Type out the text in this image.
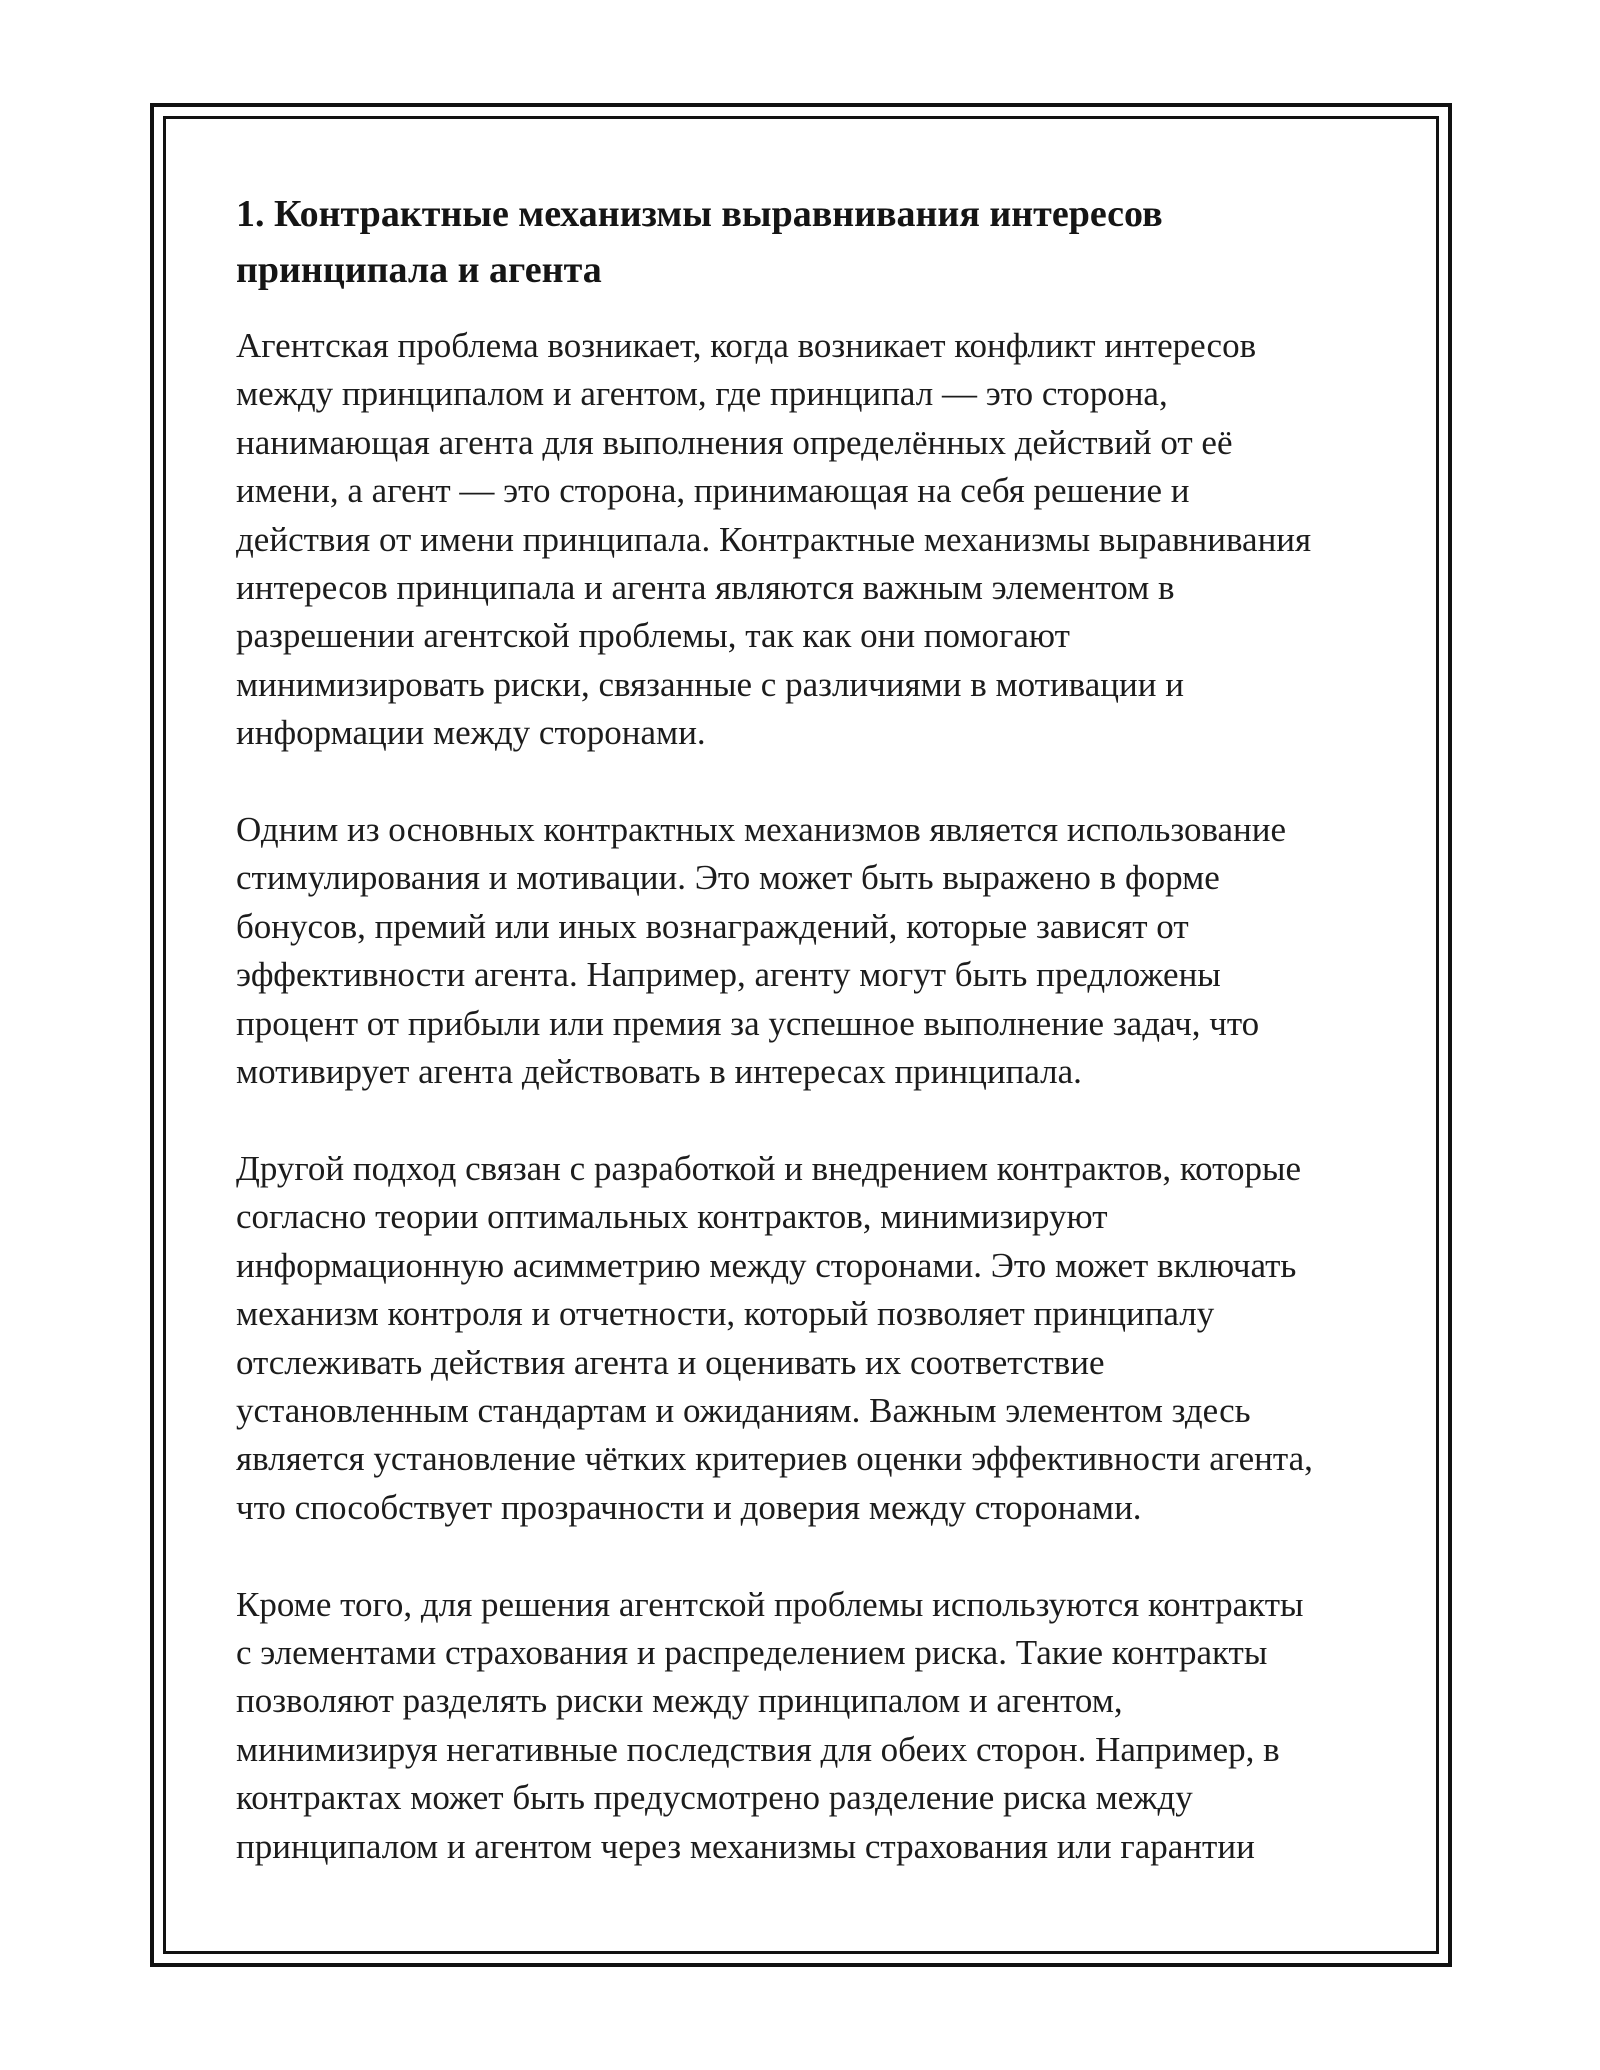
1. Контрактные механизмы выравнивания интересов
принципала и агента

Агентская проблема возникает, когда возникает конфликт интересов
между принципалом и агентом, где принципал — это сторона,
нанимающая агента для выполнения определённых действий от её
имени, а агент — это сторона, принимающая на себя решение и
действия от имени принципала. Контрактные механизмы выравнивания
интересов принципала и агента являются важным элементом в
разрешении агентской проблемы, так как они помогают
минимизировать риски, связанные с различиями в мотивации и
информации между сторонами.

Одним из основных контрактных механизмов является использование
стимулирования и мотивации. Это может быть выражено в форме
бонусов, премий или иных вознаграждений, которые зависят от
эффективности агента. Например, агенту могут быть предложены
процент от прибыли или премия за успешное выполнение задач, что
мотивирует агента действовать в интересах принципала.

Другой подход связан с разработкой и внедрением контрактов, которые
согласно теории оптимальных контрактов, минимизируют
информационную асимметрию между сторонами. Это может включать
механизм контроля и отчетности, который позволяет принципалу
отслеживать действия агента и оценивать их соответствие
установленным стандартам и ожиданиям. Важным элементом здесь
является установление чётких критериев оценки эффективности агента,
что способствует прозрачности и доверия между сторонами.

Кроме того, для решения агентской проблемы используются контракты
с элементами страхования и распределением риска. Такие контракты
позволяют разделять риски между принципалом и агентом,
минимизируя негативные последствия для обеих сторон. Например, в
контрактах может быть предусмотрено разделение риска между
принципалом и агентом через механизмы страхования или гарантии
